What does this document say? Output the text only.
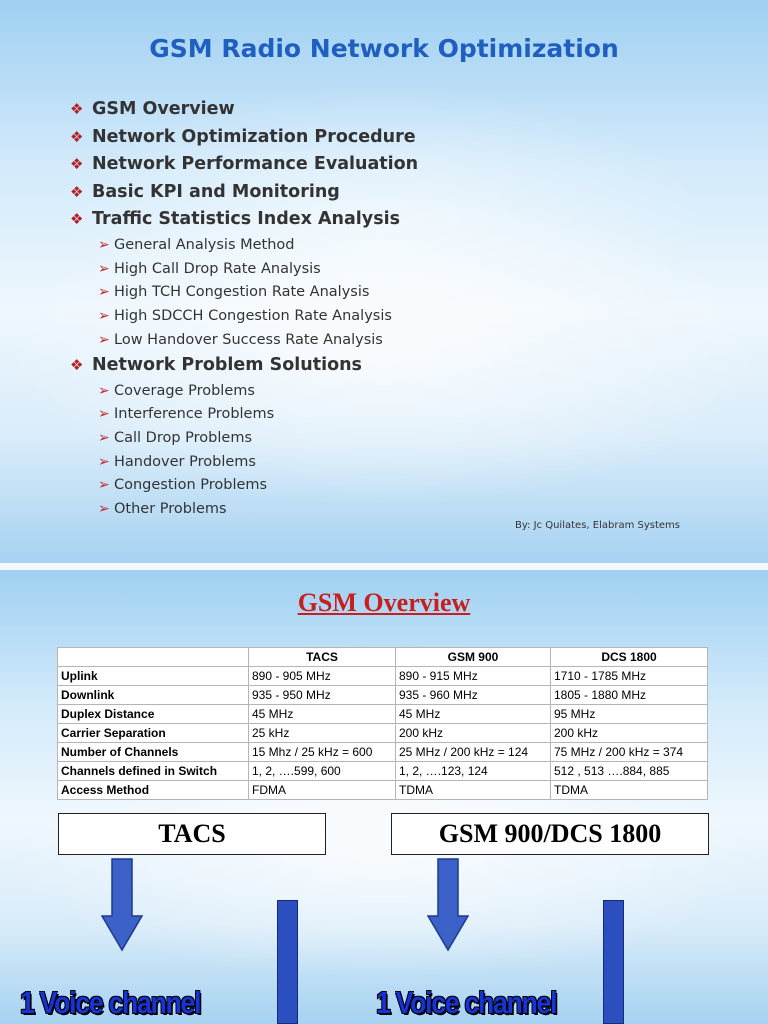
GSM Radio Network Optimization
❖ GSM Overview
❖ Network Optimization Procedure
❖ Network Performance Evaluation
❖ Basic KPI and Monitoring
❖ Traffic Statistics Index Analysis
➢ General Analysis Method
➢ High Call Drop Rate Analysis
➢ High TCH Congestion Rate Analysis
➢ High SDCCH Congestion Rate Analysis
➢ Low Handover Success Rate Analysis
❖ Network Problem Solutions
➢ Coverage Problems
➢ Interference Problems
➢ Call Drop Problems
➢ Handover Problems
➢ Congestion Problems
➢ Other Problems
By: Jc Quilates, Elabram Systems
GSM Overview
	TACS	GSM 900	DCS 1800
Uplink	890 - 905 MHz	890 - 915 MHz	1710 - 1785 MHz
Downlink	935 - 950 MHz	935 - 960 MHz	1805 - 1880 MHz
Duplex Distance	45 MHz	45 MHz	95 MHz
Carrier Separation	25 kHz	200 kHz	200 kHz
Number of Channels	15 Mhz / 25 kHz = 600	25 MHz / 200 kHz = 124	75 MHz / 200 kHz = 374
Channels defined in Switch	1, 2, ….599, 600	1, 2, ….123, 124	512 , 513 ….884, 885
Access Method	FDMA	TDMA	TDMA
TACS	GSM 900/DCS 1800
1 Voice channel	1 Voice channel
